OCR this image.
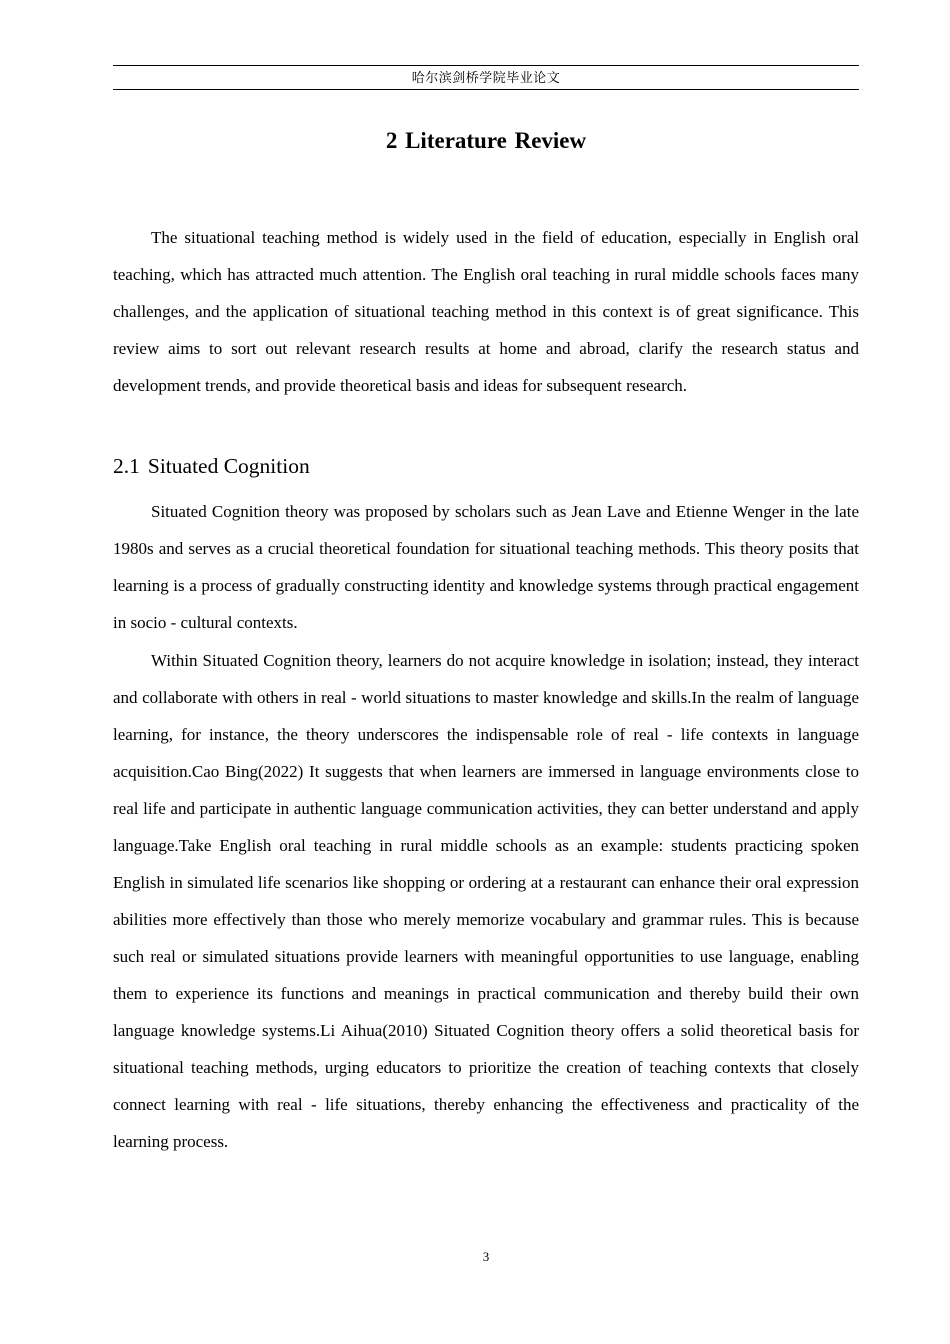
哈尔滨剑桥学院毕业论文
2 Literature Review

The situational teaching method is widely used in the field of education, especially in English oral teaching, which has attracted much attention. The English oral teaching in rural middle schools faces many challenges, and the application of situational teaching method in this context is of great significance. This review aims to sort out relevant research results at home and abroad, clarify the research status and development trends, and provide theoretical basis and ideas for subsequent research.

2.1 Situated Cognition

Situated Cognition theory was proposed by scholars such as Jean Lave and Etienne Wenger in the late 1980s and serves as a crucial theoretical foundation for situational teaching methods. This theory posits that learning is a process of gradually constructing identity and knowledge systems through practical engagement in socio - cultural contexts.

Within Situated Cognition theory, learners do not acquire knowledge in isolation; instead, they interact and collaborate with others in real - world situations to master knowledge and skills.In the realm of language learning, for instance, the theory underscores the indispensable role of real - life contexts in language acquisition.Cao Bing(2022) It suggests that when learners are immersed in language environments close to real life and participate in authentic language communication activities, they can better understand and apply language.Take English oral teaching in rural middle schools as an example: students practicing spoken English in simulated life scenarios like shopping or ordering at a restaurant can enhance their oral expression abilities more effectively than those who merely memorize vocabulary and grammar rules. This is because such real or simulated situations provide learners with meaningful opportunities to use language, enabling them to experience its functions and meanings in practical communication and thereby build their own language knowledge systems.Li Aihua(2010) Situated Cognition theory offers a solid theoretical basis for situational teaching methods, urging educators to prioritize the creation of teaching contexts that closely connect learning with real - life situations, thereby enhancing the effectiveness and practicality of the learning process.

3
